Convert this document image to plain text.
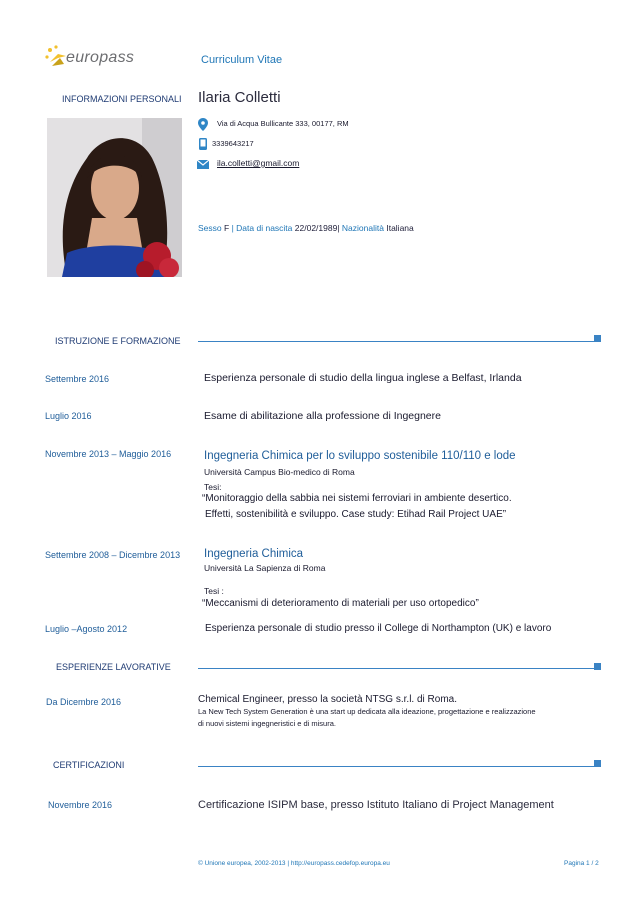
europass	Curriculum Vitae
INFORMAZIONI PERSONALI Ilaria Colletti
Via di Acqua Bullicante 333, 00177, RM
3339643217
ila.colletti@gmail.com
Sesso F | Data di nascita 22/02/1989| Nazionalità Italiana
ISTRUZIONE E FORMAZIONE
Settembre 2016	Esperienza personale di studio della lingua inglese a Belfast, Irlanda
Luglio 2016	Esame di abilitazione alla professione di Ingegnere
Novembre 2013 – Maggio 2016	Ingegneria Chimica per lo sviluppo sostenibile 110/110 e lode
Università Campus Bio-medico di Roma
Tesi:
“Monitoraggio della sabbia nei sistemi ferroviari in ambiente desertico.
Effetti, sostenibilità e sviluppo. Case study: Etihad Rail Project UAE”
Settembre 2008 – Dicembre 2013 Ingegneria Chimica
Università La Sapienza di Roma
Tesi :
“Meccanismi di deterioramento di materiali per uso ortopedico”
Luglio –Agosto 2012	Esperienza personale di studio presso il College di Northampton (UK) e lavoro
ESPERIENZE LAVORATIVE
Da Dicembre 2016	Chemical Engineer, presso la società NTSG s.r.l. di Roma.
La New Tech System Generation è una start up dedicata alla ideazione, progettazione e realizzazione
di nuovi sistemi ingegneristici e di misura.
CERTIFICAZIONI
Novembre 2016	Certificazione ISIPM base, presso Istituto Italiano di Project Management
© Unione europea, 2002-2013 | http://europass.cedefop.europa.eu	Pagina 1 / 2
